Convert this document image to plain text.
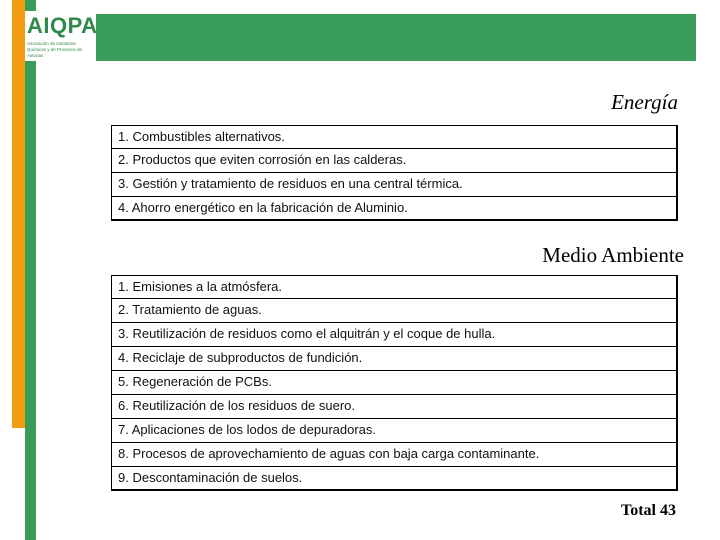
AIQPA
Asociación de Industrias Químicas y de Procesos de Asturias
Energía
1. Combustibles alternativos.
2. Productos que eviten corrosión en las calderas.
3. Gestión y tratamiento de residuos en una central térmica.
4. Ahorro energético en la fabricación de Aluminio.
Medio Ambiente
1. Emisiones a la atmósfera.
2. Tratamiento de aguas.
3. Reutilización de residuos como el alquitrán y el coque de hulla.
4. Reciclaje de subproductos de fundición.
5. Regeneración de PCBs.
6. Reutilización de los residuos de suero.
7. Aplicaciones de los lodos de depuradoras.
8. Procesos de aprovechamiento de aguas con baja carga contaminante.
9. Descontaminación de suelos.
Total 43
